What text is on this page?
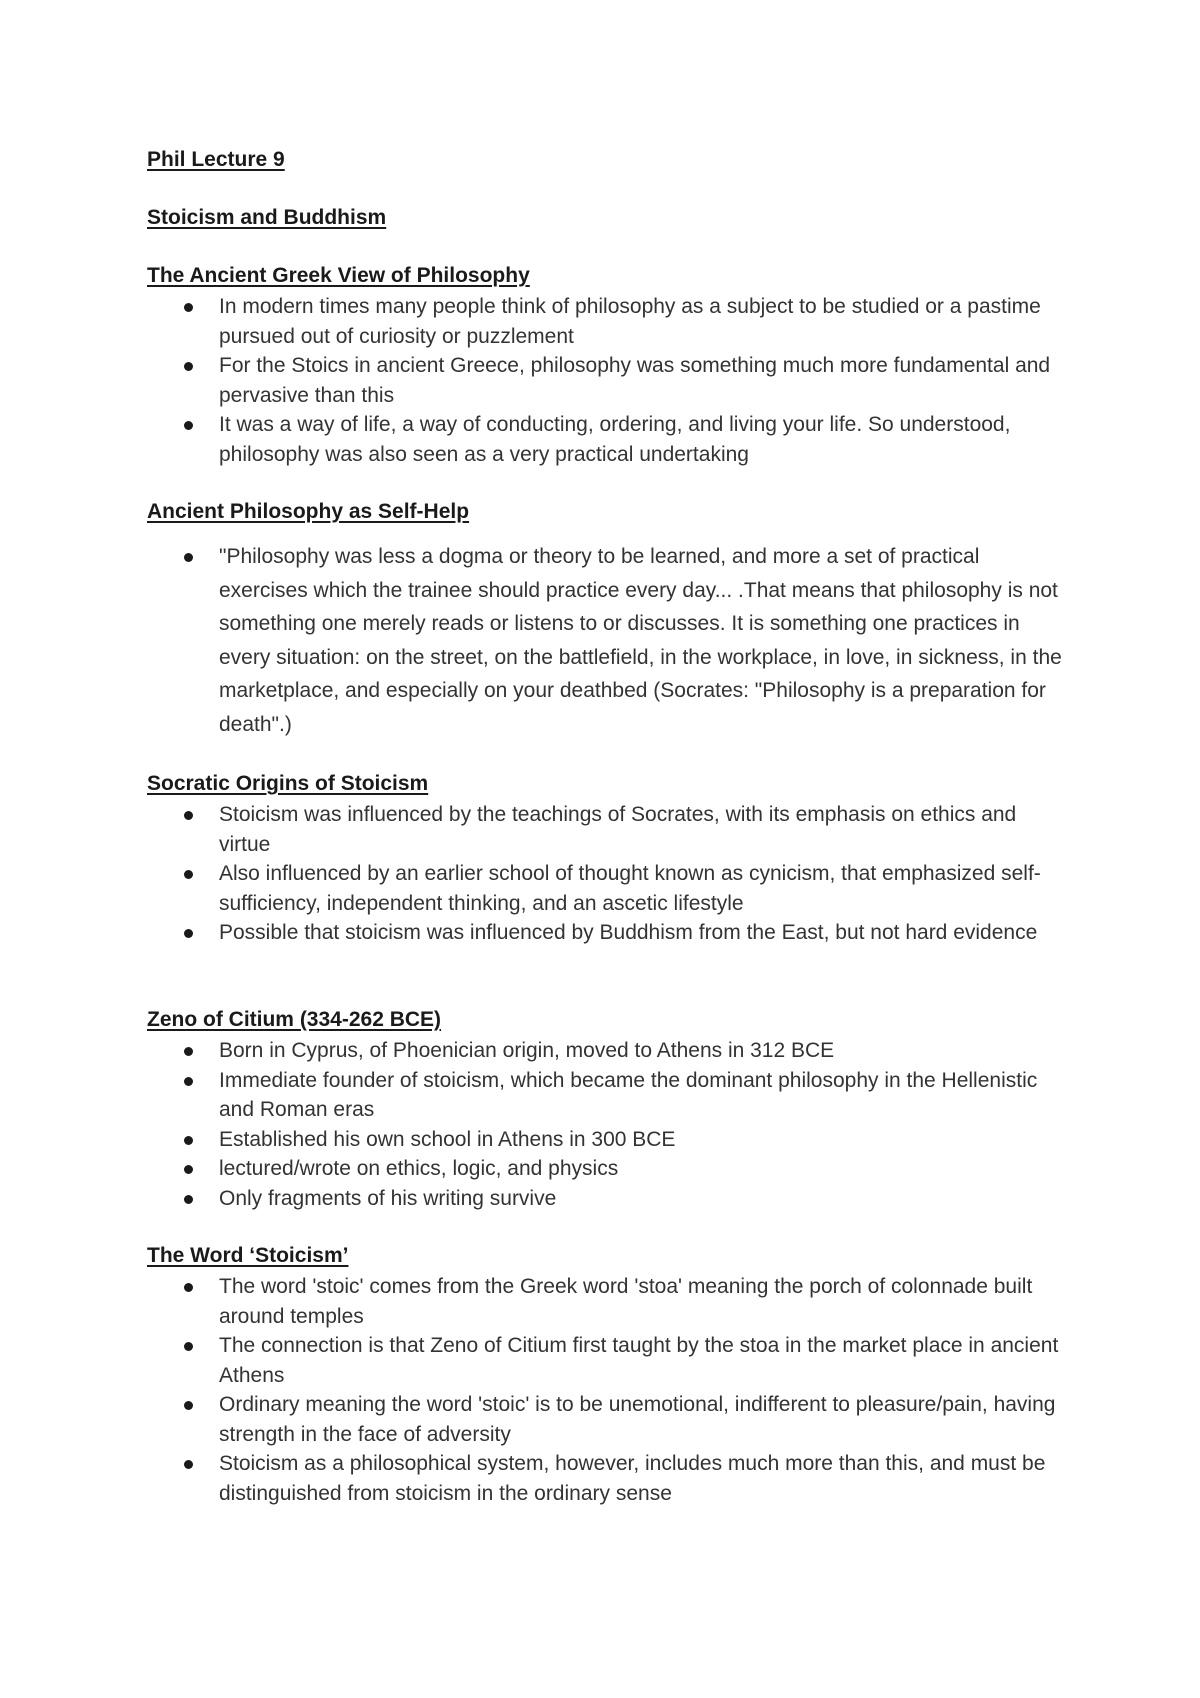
Phil Lecture 9
Stoicism and Buddhism
The Ancient Greek View of Philosophy
In modern times many people think of philosophy as a subject to be studied or a pastime pursued out of curiosity or puzzlement
For the Stoics in ancient Greece, philosophy was something much more fundamental and pervasive than this
It was a way of life, a way of conducting, ordering, and living your life. So understood, philosophy was also seen as a very practical undertaking
Ancient Philosophy as Self-Help
"Philosophy was less a dogma or theory to be learned, and more a set of practical exercises which the trainee should practice every day... .That means that philosophy is not something one merely reads or listens to or discusses. It is something one practices in every situation: on the street, on the battlefield, in the workplace, in love, in sickness, in the marketplace, and especially on your deathbed (Socrates: "Philosophy is a preparation for death".)
Socratic Origins of Stoicism
Stoicism was influenced by the teachings of Socrates, with its emphasis on ethics and virtue
Also influenced by an earlier school of thought known as cynicism, that emphasized self-sufficiency, independent thinking, and an ascetic lifestyle
Possible that stoicism was influenced by Buddhism from the East, but not hard evidence
Zeno of Citium (334-262 BCE)
Born in Cyprus, of Phoenician origin, moved to Athens in 312 BCE
Immediate founder of stoicism, which became the dominant philosophy in the Hellenistic and Roman eras
Established his own school in Athens in 300 BCE
lectured/wrote on ethics, logic, and physics
Only fragments of his writing survive
The Word ‘Stoicism’
The word 'stoic' comes from the Greek word 'stoa' meaning the porch of colonnade built around temples
The connection is that Zeno of Citium first taught by the stoa in the market place in ancient Athens
Ordinary meaning the word 'stoic' is to be unemotional, indifferent to pleasure/pain, having strength in the face of adversity
Stoicism as a philosophical system, however, includes much more than this, and must be distinguished from stoicism in the ordinary sense
